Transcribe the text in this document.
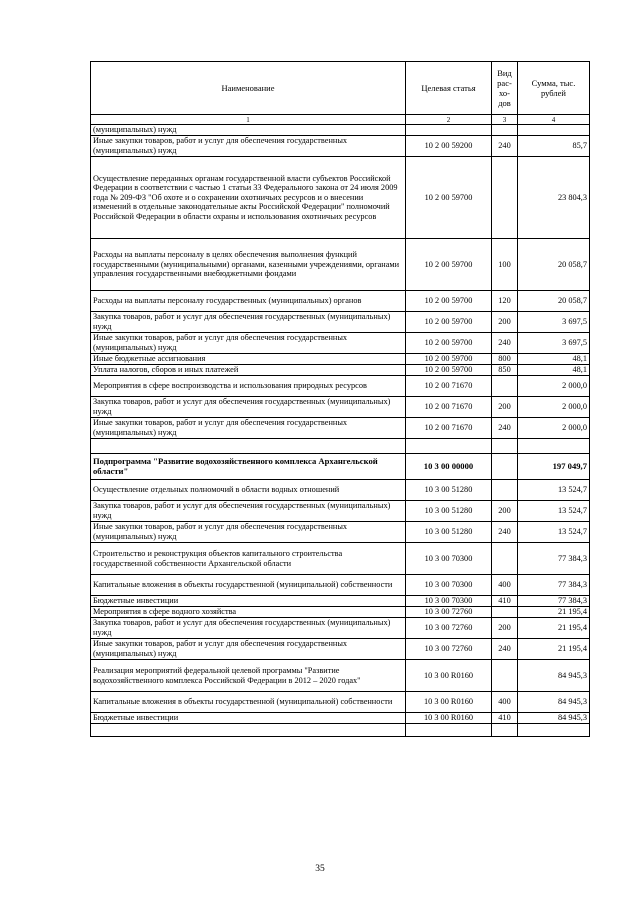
Наименование	Целевая статья	Вид рас-хо-дов	Сумма, тыс. рублей
1	2	3	4
(муниципальных) нужд			
Иные закупки товаров, работ и услуг для обеспечения государственных (муниципальных) нужд	10 2 00 59200	240	85,7
Осуществление переданных органам государственной власти субъектов Российской Федерации в соответствии с частью 1 статьи 33 Федерального закона от 24 июля 2009 года № 209-ФЗ "Об охоте и о сохранении охотничьих ресурсов и о внесении изменений в отдельные законодательные акты Российской Федерации" полномочий Российской Федерации в области охраны и использования охотничьих ресурсов	10 2 00 59700		23 804,3
Расходы на выплаты персоналу в целях обеспечения выполнения функций государственными (муниципальными) органами, казенными учреждениями, органами управления государственными внебюджетными фондами	10 2 00 59700	100	20 058,7
Расходы на выплаты персоналу государственных (муниципальных) органов	10 2 00 59700	120	20 058,7
Закупка товаров, работ и услуг для обеспечения государственных (муниципальных) нужд	10 2 00 59700	200	3 697,5
Иные закупки товаров, работ и услуг для обеспечения государственных (муниципальных) нужд	10 2 00 59700	240	3 697,5
Иные бюджетные ассигнования	10 2 00 59700	800	48,1
Уплата налогов, сборов и иных платежей	10 2 00 59700	850	48,1
Мероприятия в сфере воспроизводства и использования природных ресурсов	10 2 00 71670		2 000,0
Закупка товаров, работ и услуг для обеспечения государственных (муниципальных) нужд	10 2 00 71670	200	2 000,0
Иные закупки товаров, работ и услуг для обеспечения государственных (муниципальных) нужд	10 2 00 71670	240	2 000,0

Подпрограмма "Развитие водохозяйственного комплекса Архангельской области"	10 3 00 00000		197 049,7
Осуществление отдельных полномочий в области водных отношений	10 3 00 51280		13 524,7
Закупка товаров, работ и услуг для обеспечения государственных (муниципальных) нужд	10 3 00 51280	200	13 524,7
Иные закупки товаров, работ и услуг для обеспечения государственных (муниципальных) нужд	10 3 00 51280	240	13 524,7
Строительство и реконструкция объектов капитального строительства государственной собственности Архангельской области	10 3 00 70300		77 384,3
Капитальные вложения в объекты государственной (муниципальной) собственности	10 3 00 70300	400	77 384,3
Бюджетные инвестиции	10 3 00 70300	410	77 384,3
Мероприятия в сфере водного хозяйства	10 3 00 72760		21 195,4
Закупка товаров, работ и услуг для обеспечения государственных (муниципальных) нужд	10 3 00 72760	200	21 195,4
Иные закупки товаров, работ и услуг для обеспечения государственных (муниципальных) нужд	10 3 00 72760	240	21 195,4
Реализация мероприятий федеральной целевой программы "Развитие водохозяйственного комплекса Российской Федерации в 2012 – 2020 годах"	10 3 00 R0160		84 945,3
Капитальные вложения в объекты государственной (муниципальной) собственности	10 3 00 R0160	400	84 945,3
Бюджетные инвестиции	10 3 00 R0160	410	84 945,3

35
